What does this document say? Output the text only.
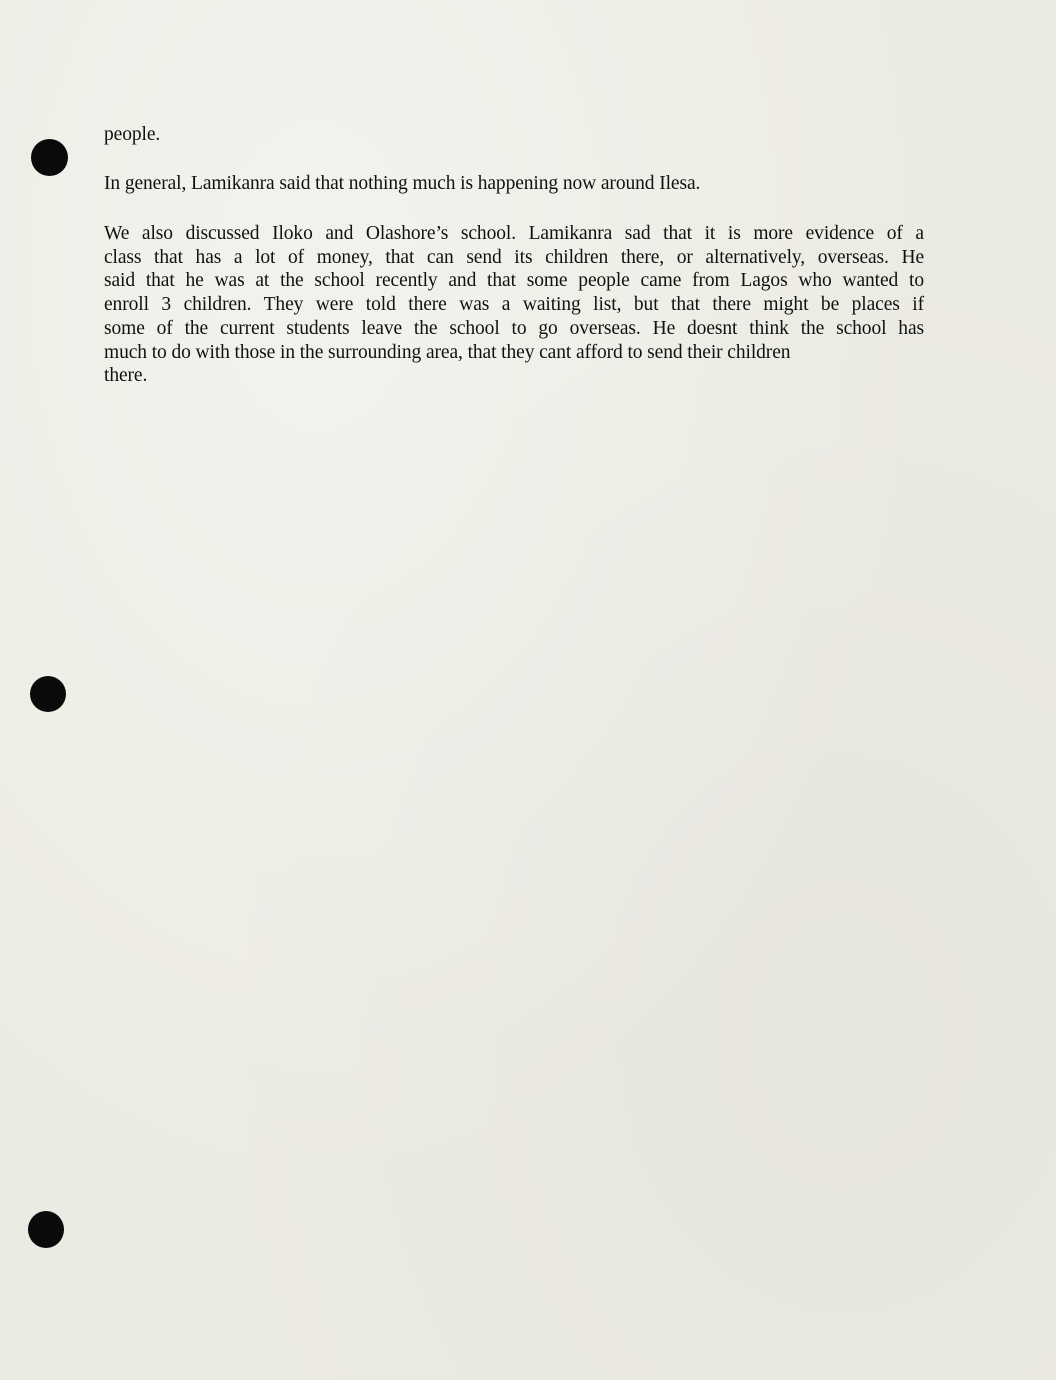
people.
In general, Lamikanra said that nothing much is happening now around Ilesa.
We also discussed Iloko and Olashore’s school. Lamikanra sad that it is more evidence of a
class that has a lot of money, that can send its children there, or alternatively, overseas. He
said that he was at the school recently and that some people came from Lagos who wanted to
enroll 3 children. They were told there was a waiting list, but that there might be places if
some of the current students leave the school to go overseas. He doesnt think the school has
much to do with those in the surrounding area, that they cant afford to send their children
there.
